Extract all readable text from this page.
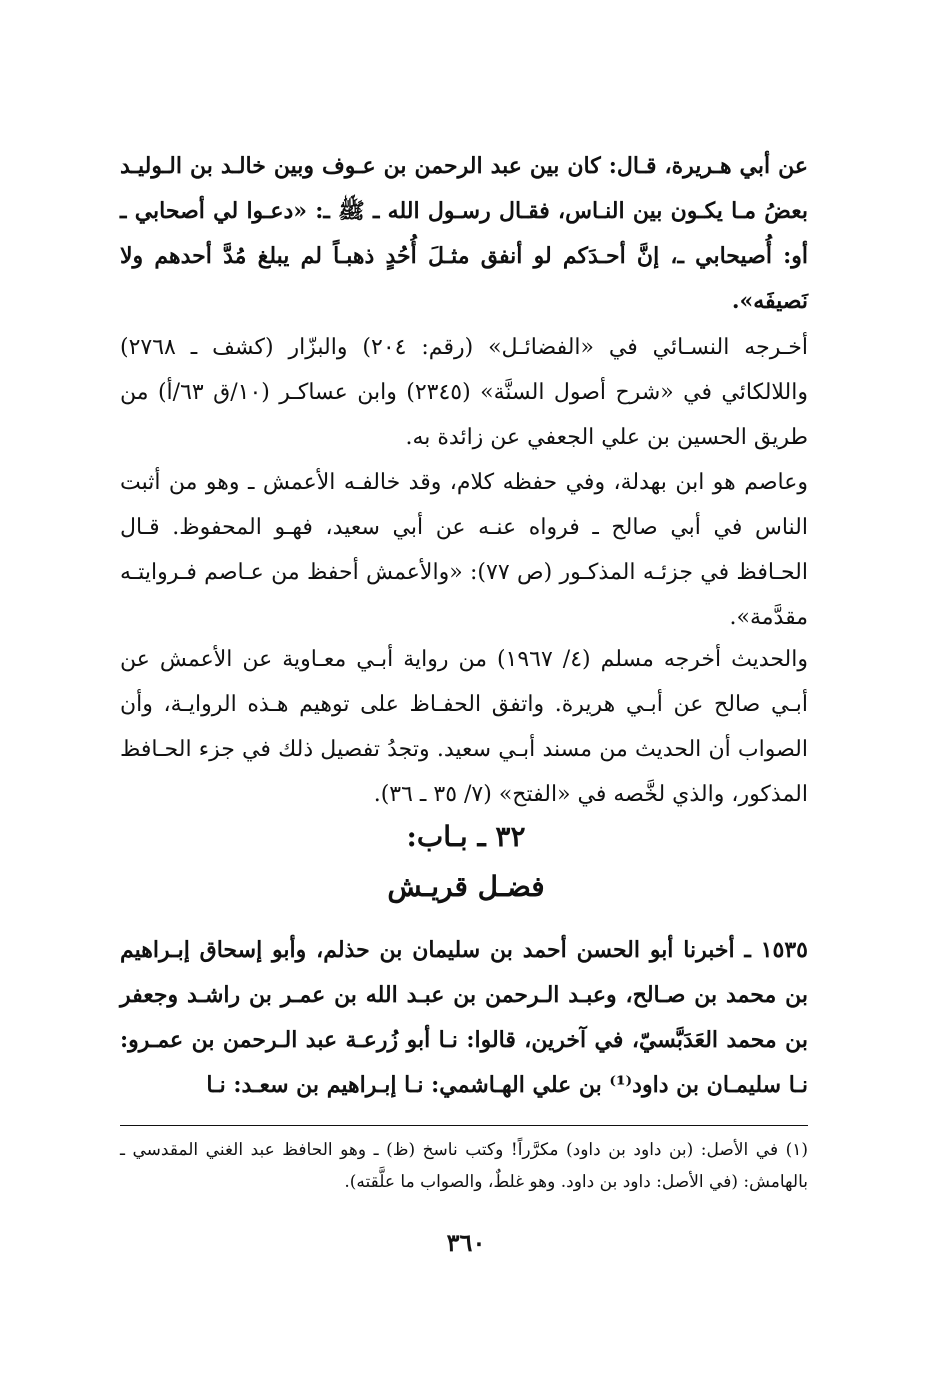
عن أبي هـريرة، قـال: كان بين عبد الرحمن بن عـوف وبين خالـد بن الـوليـد بعضُ مـا يكـون بين النـاس، فقـال رسـول الله ـ ﷺ ـ: «دعـوا لي أصحابي ـ أو: أُصيحابي ـ، إنَّ أحـدَكم لو أنفق مثـلَ أُحُدٍ ذهبـاً لم يبلغ مُدَّ أحدهم ولا نَصيفَه».

أخـرجه النسـائي في «الفضائـل» (رقم: ٢٠٤) والبزّار (كشف ـ ٢٧٦٨) واللالكائي في «شرح أصول السنَّة» (٢٣٤٥) وابن عساكـر (١٠/ق ٦٣/أ) من طريق الحسين بن علي الجعفي عن زائدة به.

وعاصم هو ابن بهدلة، وفي حفظه كلام، وقد خالفـه الأعمش ـ وهو من أثبت الناس في أبي صالح ـ فرواه عنـه عن أبي سعيد، فهـو المحفوظ. قـال الحـافظ في جزئـه المذكـور (ص ٧٧): «والأعمش أحفظ من عـاصم فـروايتـه مقدَّمة».

والحديث أخرجه مسلم (٤/ ١٩٦٧) من رواية أبـي معـاوية عن الأعمش عن أبـي صالح عن أبـي هريرة. واتفق الحفـاظ على توهيم هـذه الروايـة، وأن الصواب أن الحديث من مسند أبـي سعيد. وتجدُ تفصيل ذلك في جزء الحـافظ المذكور، والذي لخَّصه في «الفتح» (٧/ ٣٥ ـ ٣٦).

٣٢ ـ بـاب:

فضـل قريـش

١٥٣٥ ـ أخبرنا أبو الحسن أحمد بن سليمان بن حذلم، وأبو إسحاق إبـراهيم بن محمد بن صـالح، وعبـد الـرحمن بن عبـد الله بن عمـر بن راشـد وجعفر بن محمد العَدَبَّسيّ، في آخرين، قالوا: نـا أبو زُرعـة عبد الـرحمن بن عمـرو: نـا سليمـان بن داود⁽¹⁾ بن علي الهـاشمي: نـا إبـراهيم بن سعـد: نـا

(١) في الأصل: (بن داود بن داود) مكرَّراً! وكتب ناسخ (ظ) ـ وهو الحافظ عبد الغني المقدسي ـ بالهامش: (في الأصل: داود بن داود. وهو غلطٌ، والصواب ما علَّقته).

٣٦٠
